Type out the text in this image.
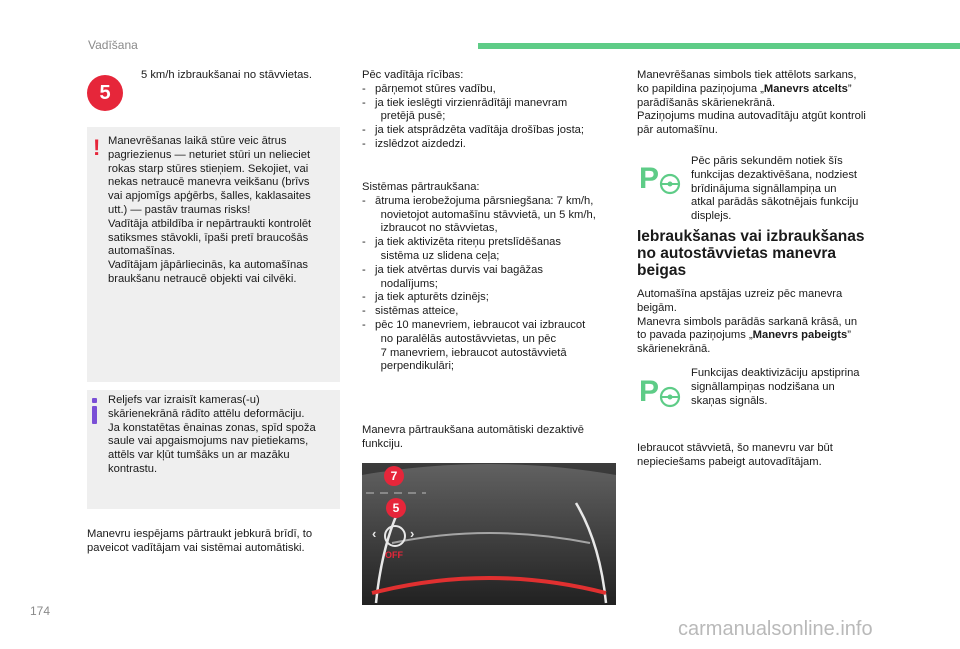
Vadīšana
5
5 km/h izbraukšanai no stāvvietas.
! Manevrēšanas laikā stūre veic ātrus
pagriezienus — neturiet stūri un nelieciet
rokas starp stūres stieņiem. Sekojiet, vai
nekas netraucē manevra veikšanu (brīvs
vai apjomīgs apģērbs, šalles, kaklasaites
utt.) — pastāv traumas risks!
Vadītāja atbildība ir nepārtraukti kontrolēt
satiksmes stāvokli, īpaši pretī braucošās
automašīnas.
Vadītājam jāpārliecinās, ka automašīnas
braukšanu netraucē objekti vai cilvēki.
Reljefs var izraisīt kameras(-u)
skārienekrānā rādīto attēlu deformāciju.
Ja konstatētas ēnainas zonas, spīd spoža
saule vai apgaismojums nav pietiekams,
attēls var kļūt tumšāks un ar mazāku
kontrastu.
Manevru iespējams pārtraukt jebkurā brīdī, to
paveicot vadītājam vai sistēmai automātiski.
Pēc vadītāja rīcības:
-   pārņemot stūres vadību,
-   ja tiek ieslēgti virzienrādītāji manevram
pretējā pusē;
-   ja tiek atsprādzēta vadītāja drošības josta;
-   izslēdzot aizdedzi.
Sistēmas pārtraukšana:
-   ātruma ierobežojuma pārsniegšana: 7 km/h,
novietojot automašīnu stāvvietā, un 5 km/h,
izbraucot no stāvvietas,
-   ja tiek aktivizēta riteņu pretslīdēšanas
sistēma uz slidena ceļa;
-   ja tiek atvērtas durvis vai bagāžas
nodalījums;
-   ja tiek apturēts dzinējs;
-   sistēmas atteice,
-   pēc 10 manevriem, iebraucot vai izbraucot
no paralēlās autostāvvietas, un pēc
7 manevriem, iebraucot autostāvvietā
perpendikulāri;
Manevra pārtraukšana automātiski dezaktivē
funkciju.
7
5
‹	›
OFF
Manevrēšanas simbols tiek attēlots sarkans,
ko papildina paziņojuma „Manevrs atcelts”
parādīšanās skārienekrānā.
Paziņojums mudina autovadītāju atgūt kontroli
pār automašīnu.
P
Pēc pāris sekundēm notiek šīs
funkcijas dezaktivēšana, nodziest
brīdinājuma signāllampiņa un
atkal parādās sākotnējais funkciju
displejs.
Iebraukšanas vai izbraukšanas
no autostāvvietas manevra
beigas
Automašīna apstājas uzreiz pēc manevra
beigām.
Manevra simbols parādās sarkanā krāsā, un
to pavada paziņojums „Manevrs pabeigts”
skārienekrānā.
P
Funkcijas deaktivizāciju apstiprina
signāllampiņas nodzišana un
skaņas signāls.
Iebraucot stāvvietā, šo manevru var būt
nepieciešams pabeigt autovadītājam.
174
carmanualsonline.info
